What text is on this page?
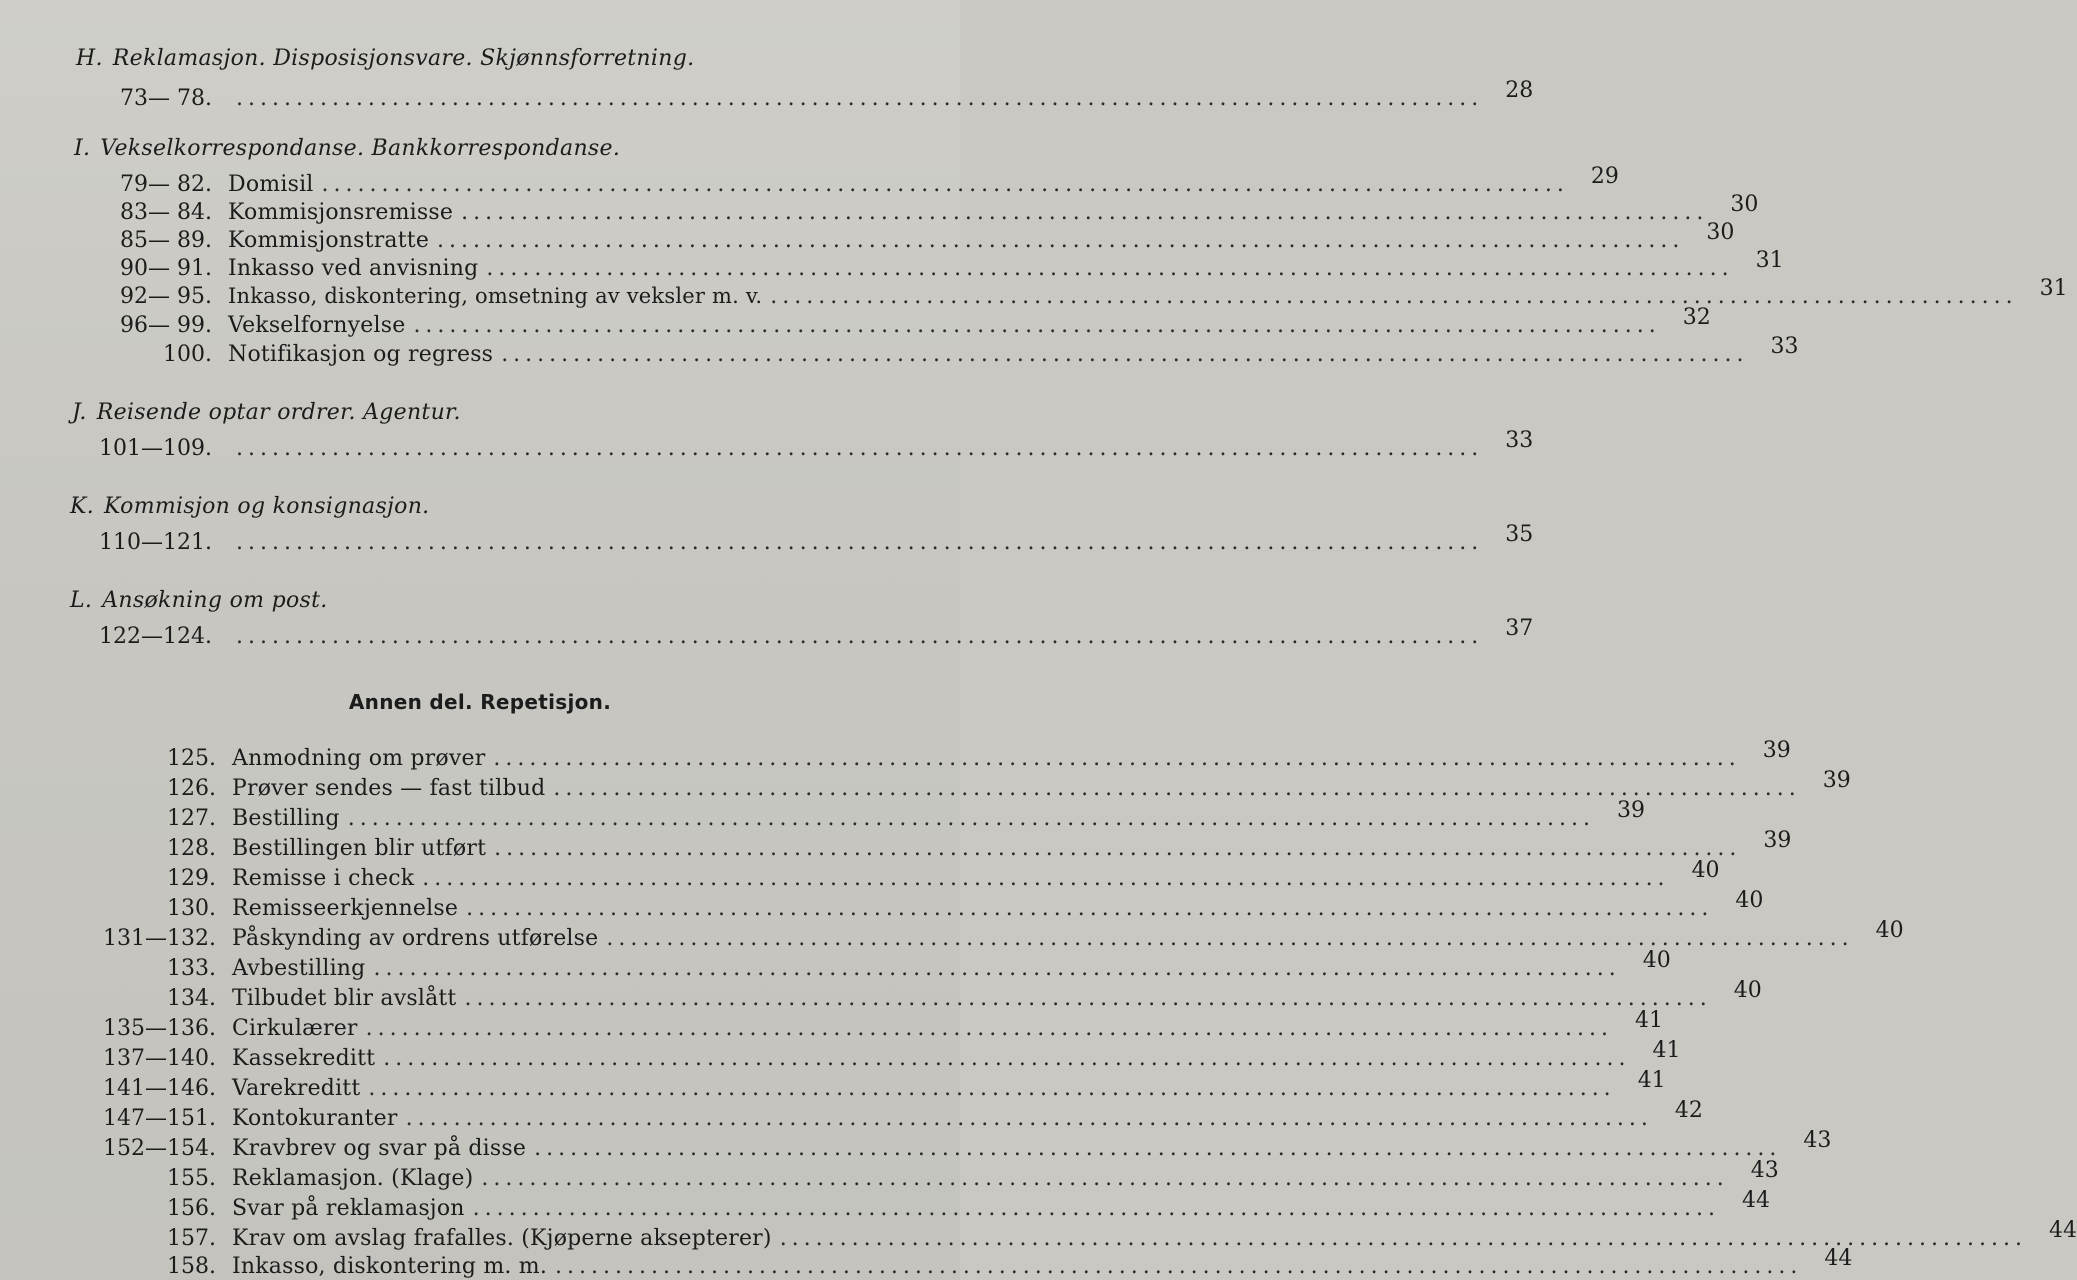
H. Reklamasjon. Disposisjonsvare. Skjønnsforretning.
73— 78. ........................................................................................................	28
I. Vekselkorrespondanse. Bankkorrespondanse.
79— 82. Domisil ........................................................................................................	29
83— 84. Kommisjonsremisse ........................................................................................................	30
85— 89. Kommisjonstratte ........................................................................................................	30
90— 91. Inkasso ved anvisning ........................................................................................................	31
92— 95. Inkasso, diskontering, omsetning av veksler m. v. ........................................................................................................	31
96— 99. Vekselfornyelse ........................................................................................................	32
100. Notifikasjon og regress ........................................................................................................	33
J. Reisende optar ordrer. Agentur.
101—109. ........................................................................................................	33
K. Kommisjon og konsignasjon.
110—121. ........................................................................................................	35
L. Ansøkning om post.
122—124. ........................................................................................................	37
Annen del. Repetisjon.
125. Anmodning om prøver ........................................................................................................	39
126. Prøver sendes — fast tilbud ........................................................................................................	39
127. Bestilling ........................................................................................................	39
128. Bestillingen blir utført ........................................................................................................	39
129. Remisse i check ........................................................................................................	40
130. Remisseerkjennelse ........................................................................................................	40
131—132. Påskynding av ordrens utførelse ........................................................................................................	40
133. Avbestilling ........................................................................................................	40
134. Tilbudet blir avslått ........................................................................................................	40
135—136. Cirkulærer ........................................................................................................	41
137—140. Kassekreditt ........................................................................................................	41
141—146. Varekreditt ........................................................................................................	41
147—151. Kontokuranter ........................................................................................................	42
152—154. Kravbrev og svar på disse ........................................................................................................	43
155. Reklamasjon. (Klage) ........................................................................................................	43
156. Svar på reklamasjon ........................................................................................................	44
157. Krav om avslag frafalles. (Kjøperne aksepterer) ........................................................................................................	44
158. Inkasso, diskontering m. m. ........................................................................................................	44
